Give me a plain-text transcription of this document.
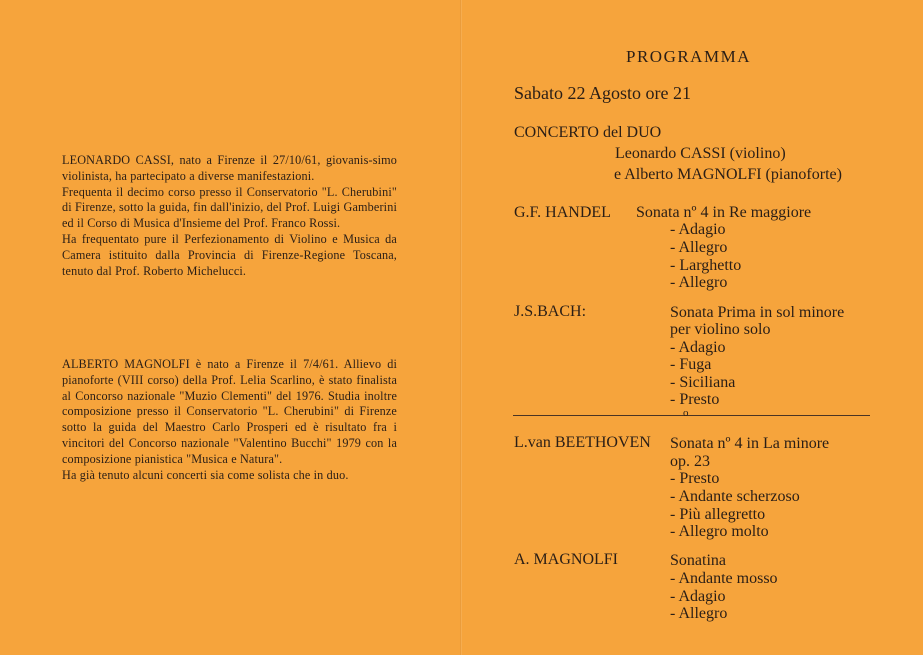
LEONARDO CASSI, nato a Firenze il 27/10/61, giovanis-simo violinista, ha partecipato a diverse manifestazioni.

Frequenta il decimo corso presso il Conservatorio "L. Cherubini" di Firenze, sotto la guida, fin dall'inizio, del Prof. Luigi Gamberini ed il Corso di Musica d'Insieme del Prof. Franco Rossi.

Ha frequentato pure il Perfezionamento di Violino e Musica da Camera istituito dalla Provincia di Firenze-Regione Toscana, tenuto dal Prof. Roberto Michelucci.

ALBERTO MAGNOLFI è nato a Firenze il 7/4/61. Allievo di pianoforte (VIII corso) della Prof. Lelia Scarlino, è stato finalista al Concorso nazionale "Muzio Clementi" del 1976. Studia inoltre composizione presso il Conservatorio "L. Cherubini" di Firenze sotto la guida del Maestro Carlo Prosperi ed è risultato fra i vincitori del Concorso nazionale "Valentino Bucchi" 1979 con la composizione pianistica "Musica e Natura".

Ha già tenuto alcuni concerti sia come solista che in duo.

PROGRAMMA
Sabato 22 Agosto ore 21
CONCERTO del DUO
Leonardo CASSI (violino)
e Alberto MAGNOLFI (pianoforte)
G.F. HANDEL Sonata nº 4 in Re maggiore
- Adagio
- Allegro
- Larghetto
- Allegro
J.S.BACH:	Sonata Prima in sol minore
per violino solo
- Adagio
- Fuga
- Siciliana
- Presto
o
L.van BEETHOVEN Sonata nº 4 in La minore
op. 23
- Presto
- Andante scherzoso
- Più allegretto
- Allegro molto
A. MAGNOLFI	Sonatina
- Andante mosso
- Adagio
- Allegro
